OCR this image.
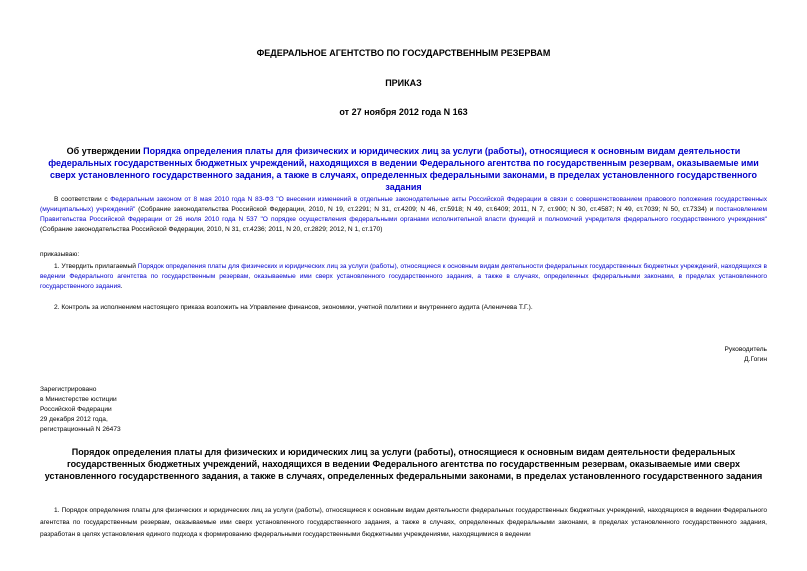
ФЕДЕРАЛЬНОЕ АГЕНТСТВО ПО ГОСУДАРСТВЕННЫМ РЕЗЕРВАМ
ПРИКАЗ
от 27 ноября 2012 года N 163
Об утверждении Порядка определения платы для физических и юридических лиц за услуги (работы), относящиеся к основным видам деятельности федеральных государственных бюджетных учреждений, находящихся в ведении Федерального агентства по государственным резервам, оказываемые ими сверх установленного государственного задания, а также в случаях, определенных федеральными законами, в пределах установленного государственного задания
В соответствии с Федеральным законом от 8 мая 2010 года N 83-ФЗ "О внесении изменений в отдельные законодательные акты Российской Федерации в связи с совершенствованием правового положения государственных (муниципальных) учреждений" (Собрание законодательства Российской Федерации, 2010, N 19, ст.2291; N 31, ст.4209; N 46, ст.5918; N 49, ст.6409; 2011, N 7, ст.900; N 30, ст.4587; N 49, ст.7039; N 50, ст.7334) и постановлением Правительства Российской Федерации от 26 июля 2010 года N 537 "О порядке осуществления федеральными органами исполнительной власти функций и полномочий учредителя федерального государственного учреждения" (Собрание законодательства Российской Федерации, 2010, N 31, ст.4236; 2011, N 20, ст.2829; 2012, N 1, ст.170)
приказываю:
1. Утвердить прилагаемый Порядок определения платы для физических и юридических лиц за услуги (работы), относящиеся к основным видам деятельности федеральных государственных бюджетных учреждений, находящихся в ведении Федерального агентства по государственным резервам, оказываемые ими сверх установленного государственного задания, а также в случаях, определенных федеральными законами, в пределах установленного государственного задания.
2. Контроль за исполнением настоящего приказа возложить на Управление финансов, экономики, учетной политики и внутреннего аудита (Аленичева Т.Г.).
Руководитель
Д.Гогин
Зарегистрировано
в Министерстве юстиции
Российской Федерации
29 декабря 2012 года,
регистрационный N 26473
Порядок определения платы для физических и юридических лиц за услуги (работы), относящиеся к основным видам деятельности федеральных государственных бюджетных учреждений, находящихся в ведении Федерального агентства по государственным резервам, оказываемые ими сверх установленного государственного задания, а также в случаях, определенных федеральными законами, в пределах установленного государственного задания
1. Порядок определения платы для физических и юридических лиц за услуги (работы), относящиеся к основным видам деятельности федеральных государственных бюджетных учреждений, находящихся в ведении Федерального агентства по государственным резервам, оказываемые ими сверх установленного государственного задания, а также в случаях, определенных федеральными законами, в пределах установленного государственного задания, разработан в целях установления единого подхода к формированию федеральными государственными бюджетными учреждениями, находящимися в ведении
